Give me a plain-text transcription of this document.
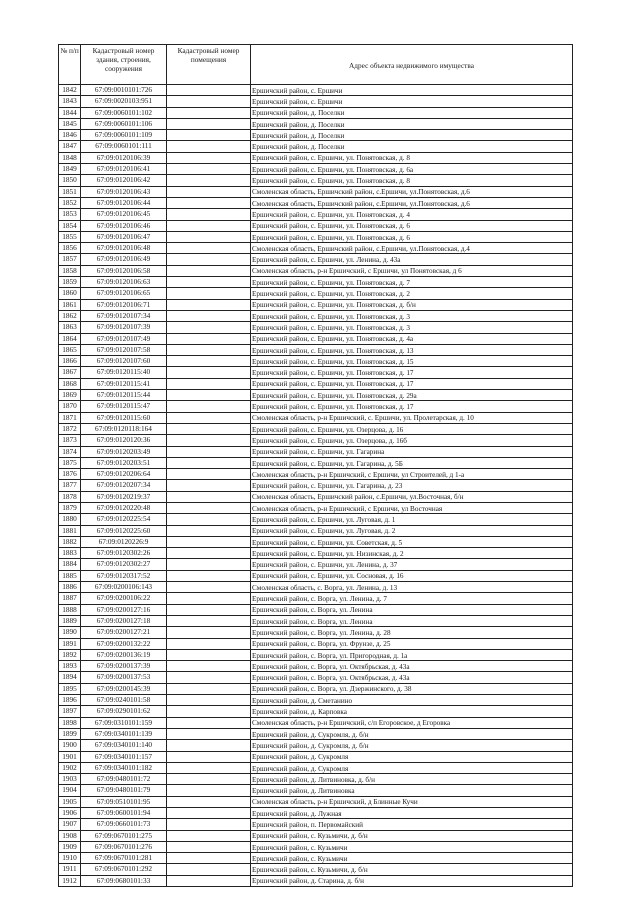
№ п/п	Кадастровый номер здания, строения, сооружения	Кадастровый номер помещения	Адрес объекта недвижимого имущества
1842	67:09:0010101:726		Ершичский район, с. Ершичи
1843	67:09:0020103:951		Ершичский район, с. Ершичи
1844	67:09:0060101:102		Ершичский район, д. Поселки
1845	67:09:0060101:106		Ершичский район, д. Поселки
1846	67:09:0060101:109		Ершичский район, д. Поселки
1847	67:09:0060101:111		Ершичский район, д. Поселки
1848	67:09:0120106:39		Ершичский район, с. Ершичи, ул. Понятовская, д. 8
1849	67:09:0120106:41		Ершичский район, с. Ершичи, ул. Понятовская, д. 6а
1850	67:09:0120106:42		Ершичский район, с. Ершичи, ул. Понятовская, д. 8
1851	67:09:0120106:43		Смоленская область, Ершичский район, с.Ершичи, ул.Понятовская, д.6
1852	67:09:0120106:44		Смоленская область, Ершичский район, с.Ершичи, ул.Понятовская, д.6
1853	67:09:0120106:45		Ершичский район, с. Ершичи, ул. Понятовская, д. 4
1854	67:09:0120106:46		Ершичский район, с. Ершичи, ул. Понятовская, д. 6
1855	67:09:0120106:47		Ершичский район, с. Ершичи, ул. Понятовская, д. 6
1856	67:09:0120106:48		Смоленская область, Ершичский район, с.Ершичи, ул.Понятовская, д.4
1857	67:09:0120106:49		Ершичский район, с. Ершичи, ул. Ленина, д. 43а
1858	67:09:0120106:58		Смоленская область, р-н Ершичский, с Ершичи, ул Понятовская, д 6
1859	67:09:0120106:63		Ершичский район, с. Ершичи, ул. Понятовская, д. 7
1860	67:09:0120106:65		Ершичский район, с. Ершичи, ул. Понятовская, д. 2
1861	67:09:0120106:71		Ершичский район, с. Ершичи, ул. Понятовская, д. б/н
1862	67:09:0120107:34		Ершичский район, с. Ершичи, ул. Понятовская, д. 3
1863	67:09:0120107:39		Ершичский район, с. Ершичи, ул. Понятовская, д. 3
1864	67:09:0120107:49		Ершичский район, с. Ершичи, ул. Понятовская, д. 4а
1865	67:09:0120107:58		Ершичский район, с. Ершичи, ул. Понятовская, д. 13
1866	67:09:0120107:60		Ершичский район, с. Ершичи, ул. Понятовская, д. 15
1867	67:09:0120115:40		Ершичский район, с. Ершичи, ул. Понятовская, д. 17
1868	67:09:0120115:41		Ершичский район, с. Ершичи, ул. Понятовская, д. 17
1869	67:09:0120115:44		Ершичский район, с. Ершичи, ул. Понятовская, д. 29а
1870	67:09:0120115:47		Ершичский район, с. Ершичи, ул. Понятовская, д. 17
1871	67:09:0120115:60		Смоленская область, р-н Ершичский, с. Ершичи, ул. Пролетарская, д. 10
1872	67:09:0120118:164		Ершичский район, с. Ершичи, ул. Озерцова, д. 16
1873	67:09:0120120:36		Ершичский район, с. Ершичи, ул. Озерцова, д. 16б
1874	67:09:0120203:49		Ершичский район, с. Ершичи, ул. Гагарина
1875	67:09:0120203:51		Ершичский район, с. Ершичи, ул. Гагарина, д. 5Б
1876	67:09:0120206:64		Смоленская область, р-н Ершичский, с Ершичи, ул Строителей, д 1-а
1877	67:09:0120207:34		Ершичский район, с. Ершичи, ул. Гагарина, д. 23
1878	67:09:0120219:37		Смоленская область, Ершичский район, с.Ершичи, ул.Восточная, б/н
1879	67:09:0120220:48		Смоленская область, р-н Ершичский, с Ершичи, ул Восточная
1880	67:09:0120225:54		Ершичский район, с. Ершичи, ул. Луговая, д. 1
1881	67:09:0120225:60		Ершичский район, с. Ершичи, ул. Луговая, д. 2
1882	67:09:0120226:9		Ершичский район, с. Ершичи, ул. Советская, д. 5
1883	67:09:0120302:26		Ершичский район, с. Ершичи, ул. Низинская, д. 2
1884	67:09:0120302:27		Ершичский район, с. Ершичи, ул. Ленина, д. 37
1885	67:09:0120317:52		Ершичский район, с. Ершичи, ул. Сосновая, д. 16
1886	67:09:0200106:143		Смоленская область, с. Ворга, ул. Ленина, д. 13
1887	67:09:0200106:22		Ершичский район, с. Ворга, ул. Ленина, д. 7
1888	67:09:0200127:16		Ершичский район, с. Ворга, ул. Ленина
1889	67:09:0200127:18		Ершичский район, с. Ворга, ул. Ленина
1890	67:09:0200127:21		Ершичский район, с. Ворга, ул. Ленина, д. 28
1891	67:09:0200132:22		Ершичский район, с. Ворга, ул. Фрунзе, д. 25
1892	67:09:0200136:19		Ершичский район, с. Ворга, ул. Пригородная, д. 1а
1893	67:09:0200137:39		Ершичский район, с. Ворга, ул. Октябрьская, д. 43а
1894	67:09:0200137:53		Ершичский район, с. Ворга, ул. Октябрьская, д. 43а
1895	67:09:0200145:39		Ершичский район, с. Ворга, ул. Дзержинского, д. 38
1896	67:09:0240101:58		Ершичский район, д. Сметанино
1897	67:09:0290101:62		Ершичский район, д. Карповка
1898	67:09:0310101:159		Смоленская область, р-н Ершичский, с/п Егоровское, д Егоровка
1899	67:09:0340101:139		Ершичский район, д. Сукромля, д. б/н
1900	67:09:0340101:140		Ершичский район, д. Сукромля, д. б/н
1901	67:09:0340101:157		Ершичский район, д. Сукромля
1902	67:09:0340101:182		Ершичский район, д. Сукромля
1903	67:09:0480101:72		Ершичский район, д. Литвиновка, д. б/н
1904	67:09:0480101:79		Ершичский район, д. Литвиновка
1905	67:09:0510101:95		Смоленская область, р-н Ершичский, д Блинные Кучи
1906	67:09:0600101:94		Ершичский район, д. Лужная
1907	67:09:0660101:73		Ершичский район, п. Первомайский
1908	67:09:0670101:275		Ершичский район, с. Кузьмичи, д. б/н
1909	67:09:0670101:276		Ершичский район, с. Кузьмичи
1910	67:09:0670101:281		Ершичский район, с. Кузьмичи
1911	67:09:0670101:292		Ершичский район, с. Кузьмичи, д. б/н
1912	67:09:0680101:33		Ершичский район, д. Старина, д. б/н
